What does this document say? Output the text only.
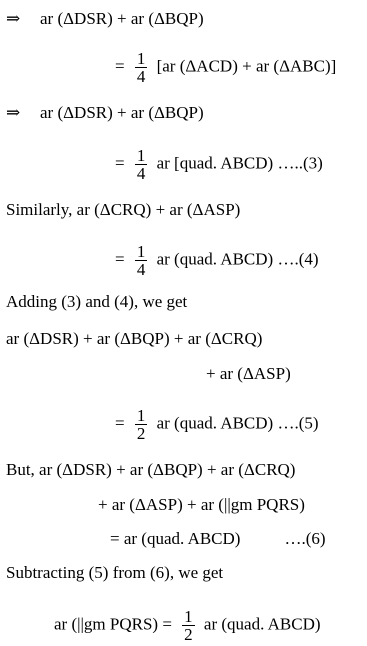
⇒ ar (ΔDSR) + ar (ΔBQP)
= $\frac{1}{4} [ar$ (ΔACD) + ar (ΔABC)]
⇒ ar (ΔDSR) + ar (ΔBQP)
= $\frac{1}{4}$ ar [quad. ABCD) …..(3)
Similarly, ar (ΔCRQ) + ar (ΔASP)
= $\frac{1}{4}$ ar (quad. ABCD) ….(4)
Adding (3) and (4), we get
ar (ΔDSR) + ar (ΔBQP) + ar (ΔCRQ)
+ ar (ΔASP)
= $\frac{1}{2}$ ar (quad. ABCD) ….(5)
But, ar (ΔDSR) + ar (ΔBQP) + ar (ΔCRQ)
+ ar (ΔASP) + ar (||gm PQRS)
= ar (quad. ABCD)	….(6)
Subtracting (5) from (6), we get
ar (||gm PQRS) = $\frac{1}{2}$ ar (quad. ABCD)
